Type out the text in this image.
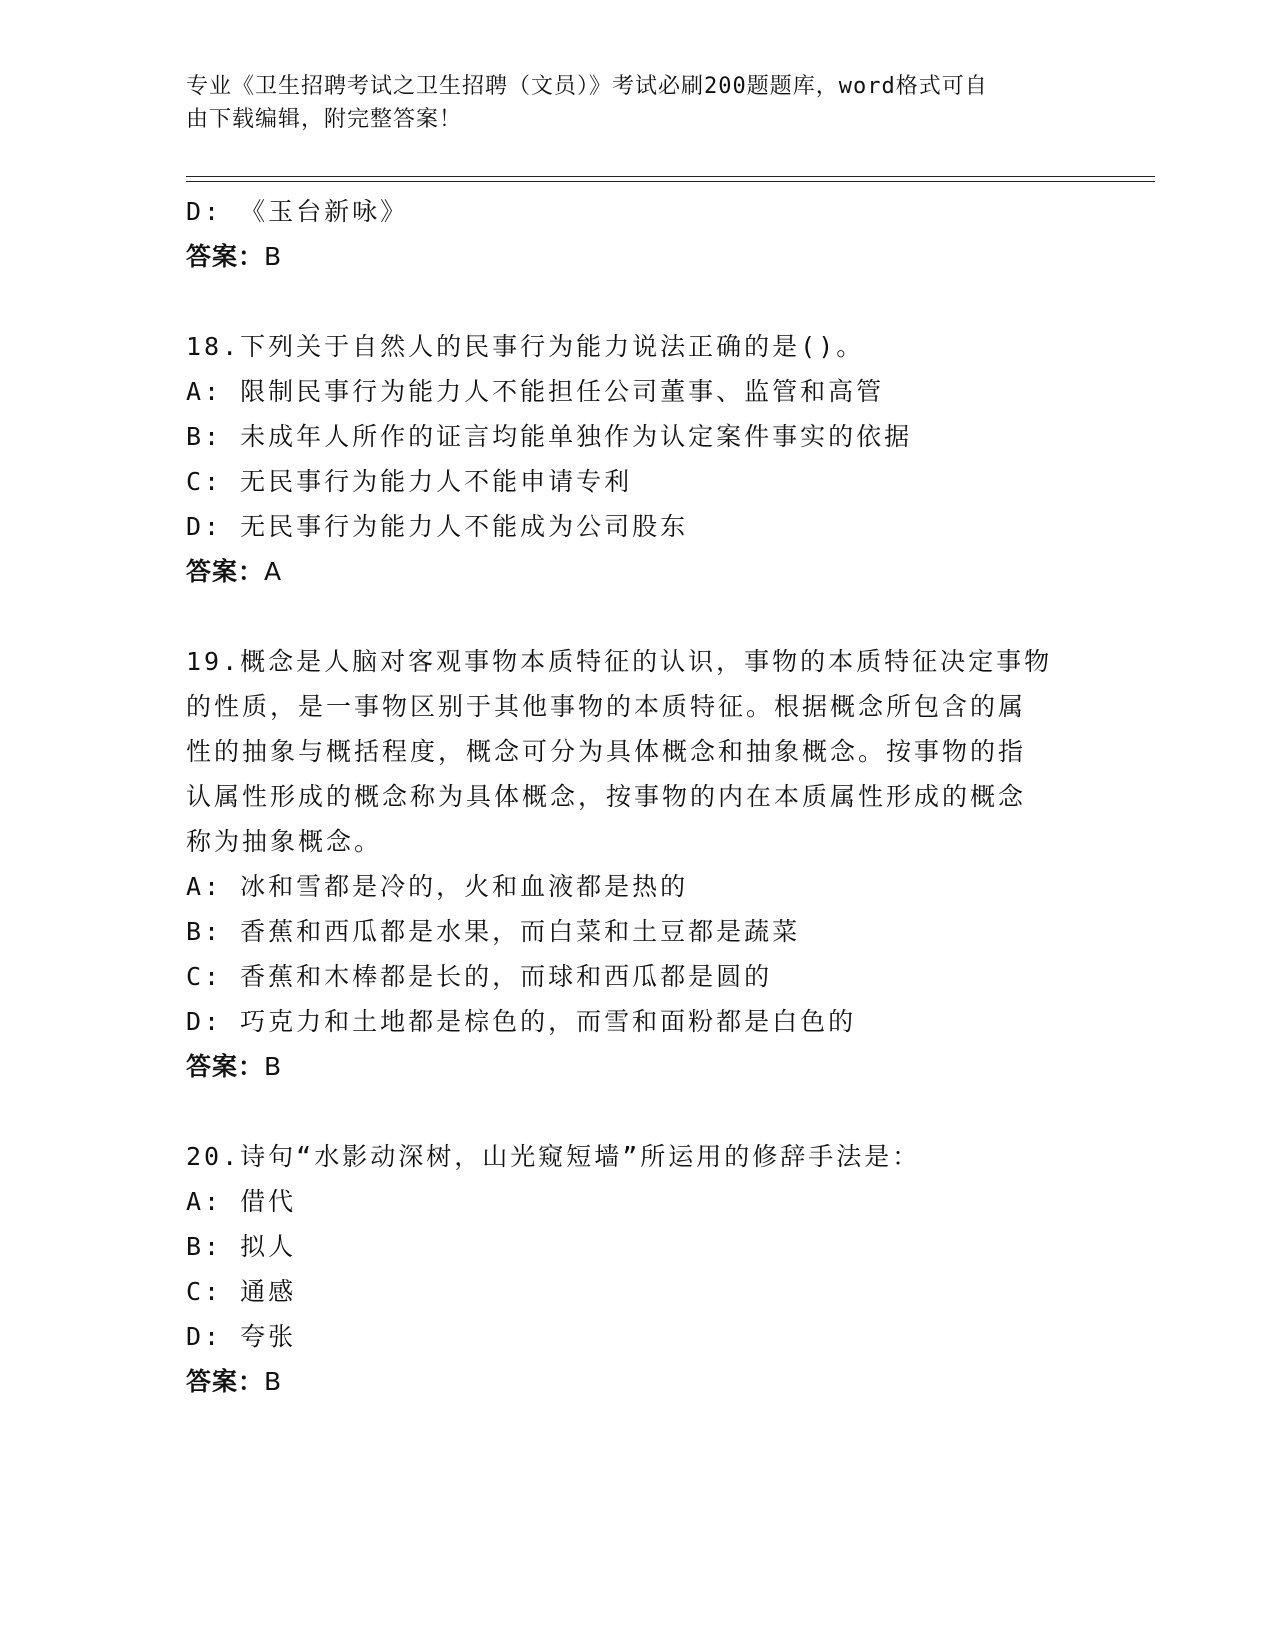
专业《卫生招聘考试之卫生招聘（文员）》考试必刷200题题库，word格式可自
由下载编辑，附完整答案！
D: 《玉台新咏》
答案：B
18.下列关于自然人的民事行为能力说法正确的是()。
A: 限制民事行为能力人不能担任公司董事、监管和高管
B: 未成年人所作的证言均能单独作为认定案件事实的依据
C: 无民事行为能力人不能申请专利
D: 无民事行为能力人不能成为公司股东
答案：A
19.概念是人脑对客观事物本质特征的认识，事物的本质特征决定事物
的性质，是一事物区别于其他事物的本质特征。根据概念所包含的属
性的抽象与概括程度，概念可分为具体概念和抽象概念。按事物的指
认属性形成的概念称为具体概念，按事物的内在本质属性形成的概念
称为抽象概念。
A: 冰和雪都是冷的，火和血液都是热的
B: 香蕉和西瓜都是水果，而白菜和土豆都是蔬菜
C: 香蕉和木棒都是长的，而球和西瓜都是圆的
D: 巧克力和土地都是棕色的，而雪和面粉都是白色的
答案：B
20.诗句“水影动深树，山光窥短墙”所运用的修辞手法是：
A: 借代
B: 拟人
C: 通感
D: 夸张
答案：B
